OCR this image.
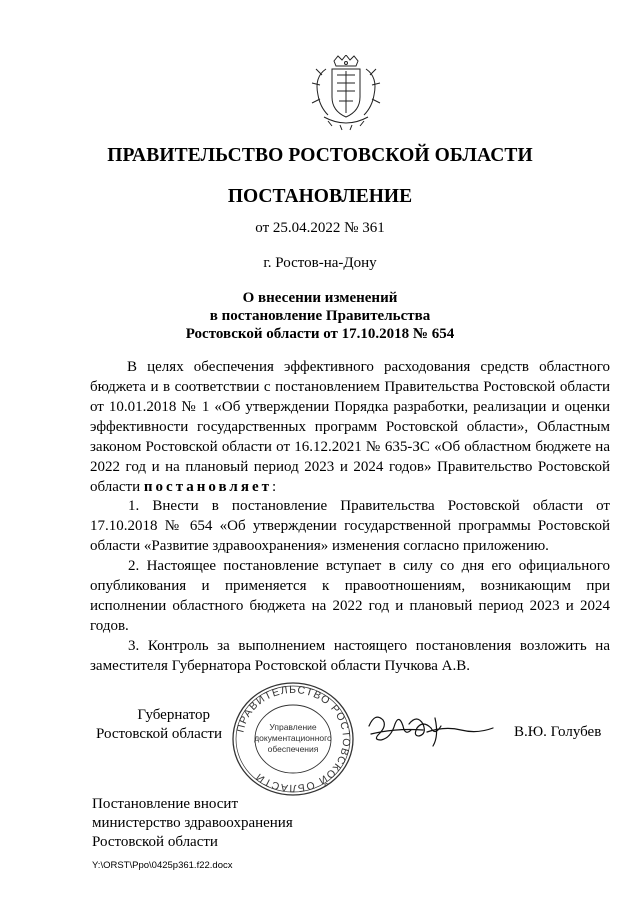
ПРАВИТЕЛЬСТВО РОСТОВСКОЙ ОБЛАСТИ
ПОСТАНОВЛЕНИЕ
от 25.04.2022 № 361
г. Ростов-на-Дону
О внесении изменений
в постановление Правительства
Ростовской области от 17.10.2018 № 654

В целях обеспечения эффективного расходования средств областного бюджета и в соответствии с постановлением Правительства Ростовской области от 10.01.2018 № 1 «Об утверждении Порядка разработки, реализации и оценки эффективности государственных программ Ростовской области», Областным законом Ростовской области от 16.12.2021 № 635-ЗС «Об областном бюджете на 2022 год и на плановый период 2023 и 2024 годов» Правительство Ростовской области постановляет:

1. Внести в постановление Правительства Ростовской области от 17.10.2018 № 654 «Об утверждении государственной программы Ростовской области «Развитие здравоохранения» изменения согласно приложению.

2. Настоящее постановление вступает в силу со дня его официального опубликования и применяется к правоотношениям, возникающим при исполнении областного бюджета на 2022 год и плановый период 2023 и 2024 годов.

3. Контроль за выполнением настоящего постановления возложить на заместителя Губернатора Ростовской области Пучкова А.В.

Губернатор
Ростовской области ПРАВИТЕЛЬСТВО РОСТОВСКОЙ ОБЛАСТИ
Управление
документационного
обеспечения
В.Ю. Голубев
Постановление вносит
министерство здравоохранения
Ростовской области
Y:\ORST\Ppo\0425p361.f22.docx
